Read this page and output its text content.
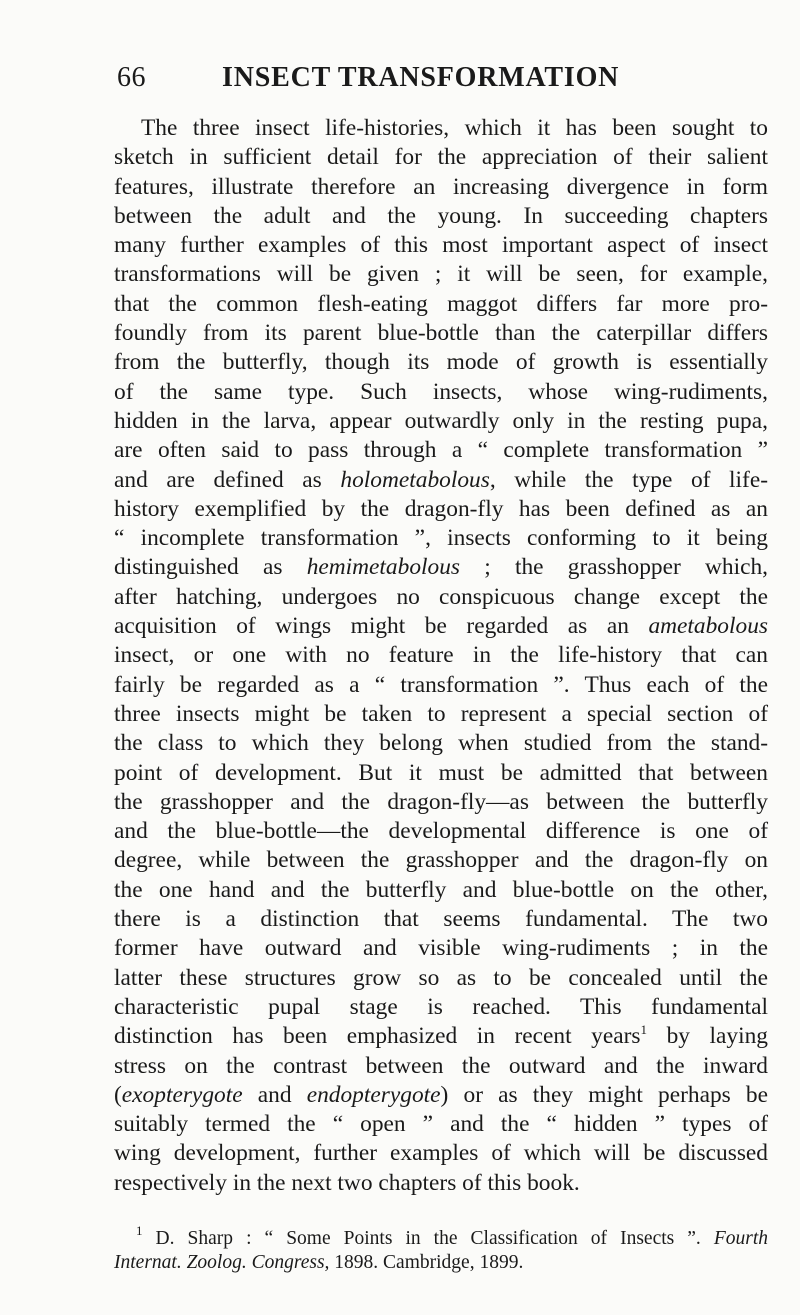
66	INSECT TRANSFORMATION
The three insect life-histories, which it has been sought to
sketch in sufficient detail for the appreciation of their salient
features, illustrate therefore an increasing divergence in form
between the adult and the young. In succeeding chapters
many further examples of this most important aspect of insect
transformations will be given ; it will be seen, for example,
that the common flesh-eating maggot differs far more pro-
foundly from its parent blue-bottle than the caterpillar differs
from the butterfly, though its mode of growth is essentially
of the same type. Such insects, whose wing-rudiments,
hidden in the larva, appear outwardly only in the resting pupa,
are often said to pass through a “ complete transformation ”
and are defined as holometabolous, while the type of life-
history exemplified by the dragon-fly has been defined as an
“ incomplete transformation ”, insects conforming to it being
distinguished as hemimetabolous ; the grasshopper which,
after hatching, undergoes no conspicuous change except the
acquisition of wings might be regarded as an ametabolous
insect, or one with no feature in the life-history that can
fairly be regarded as a “ transformation ”. Thus each of the
three insects might be taken to represent a special section of
the class to which they belong when studied from the stand-
point of development. But it must be admitted that between
the grasshopper and the dragon-fly—as between the butterfly
and the blue-bottle—the developmental difference is one of
degree, while between the grasshopper and the dragon-fly on
the one hand and the butterfly and blue-bottle on the other,
there is a distinction that seems fundamental. The two
former have outward and visible wing-rudiments ; in the
latter these structures grow so as to be concealed until the
characteristic pupal stage is reached. This fundamental
distinction has been emphasized in recent years$^1$ by laying
stress on the contrast between the outward and the inward
(exopterygote and endopterygote) or as they might perhaps be
suitably termed the “ open ” and the “ hidden ” types of
wing development, further examples of which will be discussed
respectively in the next two chapters of this book.
$^1$ D. Sharp : “ Some Points in the Classification of Insects ”. Fourth
Internat. Zoolog. Congress, 1898. Cambridge, 1899.
